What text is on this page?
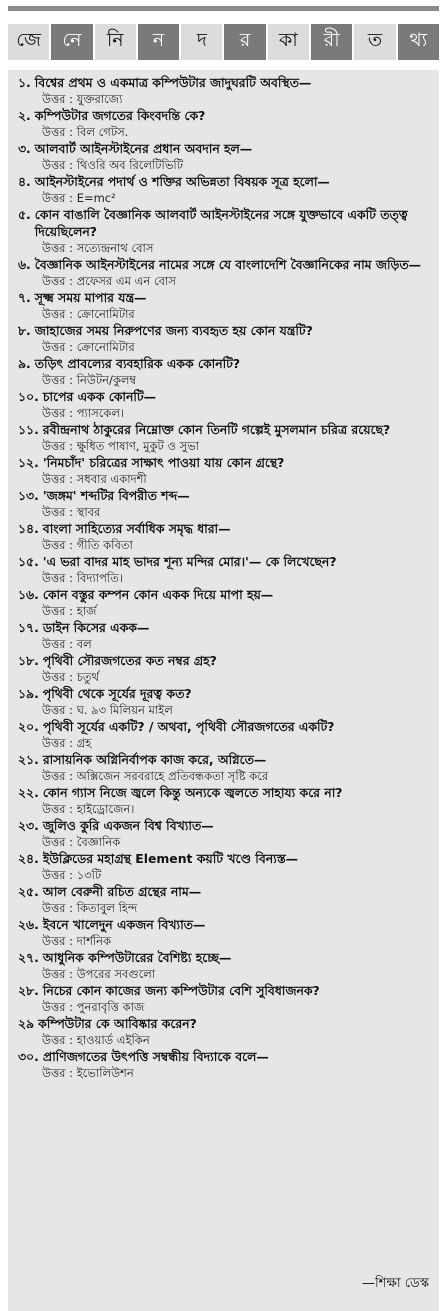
জে	নে	নি	ন	দ	র	কা	রী	ত	থ্য
১. বিশ্বের প্রথম ও একমাত্র কম্পিউটার জাদুঘরটি অবস্থিত—
উত্তর : যুক্তরাজ্যে
২. কম্পিউটার জগতের কিংবদন্তি কে?
উত্তর : বিল গেটস.
৩. আলবার্ট আইনস্টাইনের প্রধান অবদান হল—
উত্তর : থিওরি অব রিলেটিভিটি
৪. আইনস্টাইনের পদার্থ ও শক্তির অভিন্নতা বিষয়ক সূত্র হলো—
উত্তর : E=mc²
৫. কোন বাঙালি বৈজ্ঞানিক আলবার্ট আইনস্টাইনের সঙ্গে যুক্তভাবে একটি তত্ত্ব দিয়েছিলেন?
উত্তর : সত্যেন্দ্রনাথ বোস
৬. বৈজ্ঞানিক আইনস্টাইনের নামের সঙ্গে যে বাংলাদেশি বৈজ্ঞানিকের নাম জড়িত—
উত্তর : প্রফেসর এম এন বোস
৭. সূক্ষ্ম সময় মাপার যন্ত্র—
উত্তর : ক্রোনোমিটার
৮. জাহাজের সময় নিরুপণের জন্য ব্যবহৃত হয় কোন যন্ত্রটি?
উত্তর : ক্রোনোমিটার
৯. তড়িৎ প্রাবল্যের ব্যবহারিক একক কোনটি?
উত্তর : নিউটন/কুলম্ব
১০. চাপের একক কোনটি—
উত্তর : প্যাসকেল।
১১. রবীন্দ্রনাথ ঠাকুরের নিম্নোক্ত কোন তিনটি গল্পেই মুসলমান চরিত্র রয়েছে?
উত্তর : ক্ষুধিত পাষাণ, মুকুট ও সুভা
১২. 'নিমচাঁদ' চরিত্রের সাক্ষাৎ পাওয়া যায় কোন গ্রন্থে?
উত্তর : সধবার একাদশী
১৩. 'জঙ্গম' শব্দটির বিপরীত শব্দ—
উত্তর : স্থাবর
১৪. বাংলা সাহিত্যের সর্বাধিক সমৃদ্ধ ধারা—
উত্তর : গীতি কবিতা
১৫. 'এ ভরা বাদর মাহ ভাদর শূন্য মন্দির মোর।'— কে লিখেছেন?
উত্তর : বিদ্যাপতি।
১৬. কোন বস্তুর কম্পন কোন একক দিয়ে মাপা হয়—
উত্তর : হার্জ
১৭. ডাইন কিসের একক—
উত্তর : বল
১৮. পৃথিবী সৌরজগতের কত নম্বর গ্রহ?
উত্তর : চতুর্থ
১৯. পৃথিবী থেকে সূর্যের দূরত্ব কত?
উত্তর : ঘ. ৯৩ মিলিয়ন মাইল
২০. পৃথিবী সূর্যের একটি? / অথবা, পৃথিবী সৌরজগতের একটি?
উত্তর : গ্রহ
২১. রাসায়নিক অগ্নিনির্বাপক কাজ করে, অগ্নিতে—
উত্তর : অক্সিজেন সরবরাহে প্রতিবন্ধকতা সৃষ্টি করে
২২. কোন গ্যাস নিজে জ্বলে কিন্তু অন্যকে জ্বলতে সাহায্য করে না?
উত্তর : হাইড্রোজেন।
২৩. জুলিও কুরি একজন বিশ্ব বিখ্যাত—
উত্তর : বৈজ্ঞানিক
২৪. ইউক্লিডের মহাগ্রন্থ Element কয়টি খণ্ডে বিন্যস্ত—
উত্তর : ১৩টি
২৫. আল বেরুনী রচিত গ্রন্থের নাম—
উত্তর : কিতাবুল হিন্দ
২৬. ইবনে খালেদুন একজন বিখ্যাত—
উত্তর : দার্শনিক
২৭. আধুনিক কম্পিউটারের বৈশিষ্ট্য হচ্ছে—
উত্তর : উপরের সবগুলো
২৮. নিচের কোন কাজের জন্য কম্পিউটার বেশি সুবিধাজনক?
উত্তর : পুনরাবৃত্তি কাজ
২৯ কম্পিউটার কে আবিষ্কার করেন?
উত্তর : হাওয়ার্ড এইকিন
৩০. প্রাণিজগতের উৎপত্তি সম্বন্ধীয় বিদ্যাকে বলে—
উত্তর : ইভোলিউশন
—শিক্ষা ডেস্ক
